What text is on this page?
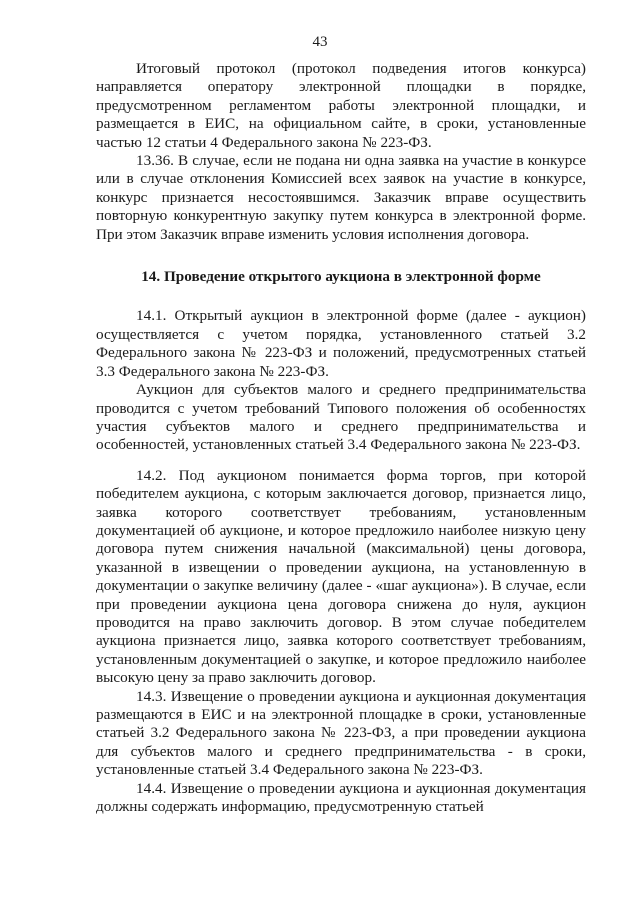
43

Итоговый протокол (протокол подведения итогов конкурса) направляется оператору электронной площадки в порядке, предусмотренном регламентом работы электронной площадки, и размещается в ЕИС, на официальном сайте, в сроки, установленные частью 12 статьи 4 Федерального закона № 223-ФЗ.

13.36. В случае, если не подана ни одна заявка на участие в конкурсе или в случае отклонения Комиссией всех заявок на участие в конкурсе, конкурс признается несостоявшимся. Заказчик вправе осуществить повторную конкурентную закупку путем конкурса в электронной форме. При этом Заказчик вправе изменить условия исполнения договора.

14. Проведение открытого аукциона в электронной форме

14.1. Открытый аукцион в электронной форме (далее - аукцион) осуществляется с учетом порядка, установленного статьей 3.2 Федерального закона № 223-ФЗ и положений, предусмотренных статьей 3.3 Федерального закона № 223-ФЗ.

Аукцион для субъектов малого и среднего предпринимательства проводится с учетом требований Типового положения об особенностях участия субъектов малого и среднего предпринимательства и особенностей, установленных статьей 3.4 Федерального закона № 223-ФЗ.

14.2. Под аукционом понимается форма торгов, при которой победителем аукциона, с которым заключается договор, признается лицо, заявка которого соответствует требованиям, установленным документацией об аукционе, и которое предложило наиболее низкую цену договора путем снижения начальной (максимальной) цены договора, указанной в извещении о проведении аукциона, на установленную в документации о закупке величину (далее - «шаг аукциона»). В случае, если при проведении аукциона цена договора снижена до нуля, аукцион проводится на право заключить договор. В этом случае победителем аукциона признается лицо, заявка которого соответствует требованиям, установленным документацией о закупке, и которое предложило наиболее высокую цену за право заключить договор.

14.3. Извещение о проведении аукциона и аукционная документация размещаются в ЕИС и на электронной площадке в сроки, установленные статьей 3.2 Федерального закона № 223-ФЗ, а при проведении аукциона для субъектов малого и среднего предпринимательства - в сроки, установленные статьей 3.4 Федерального закона № 223-ФЗ.

14.4. Извещение о проведении аукциона и аукционная документация должны содержать информацию, предусмотренную статьей
